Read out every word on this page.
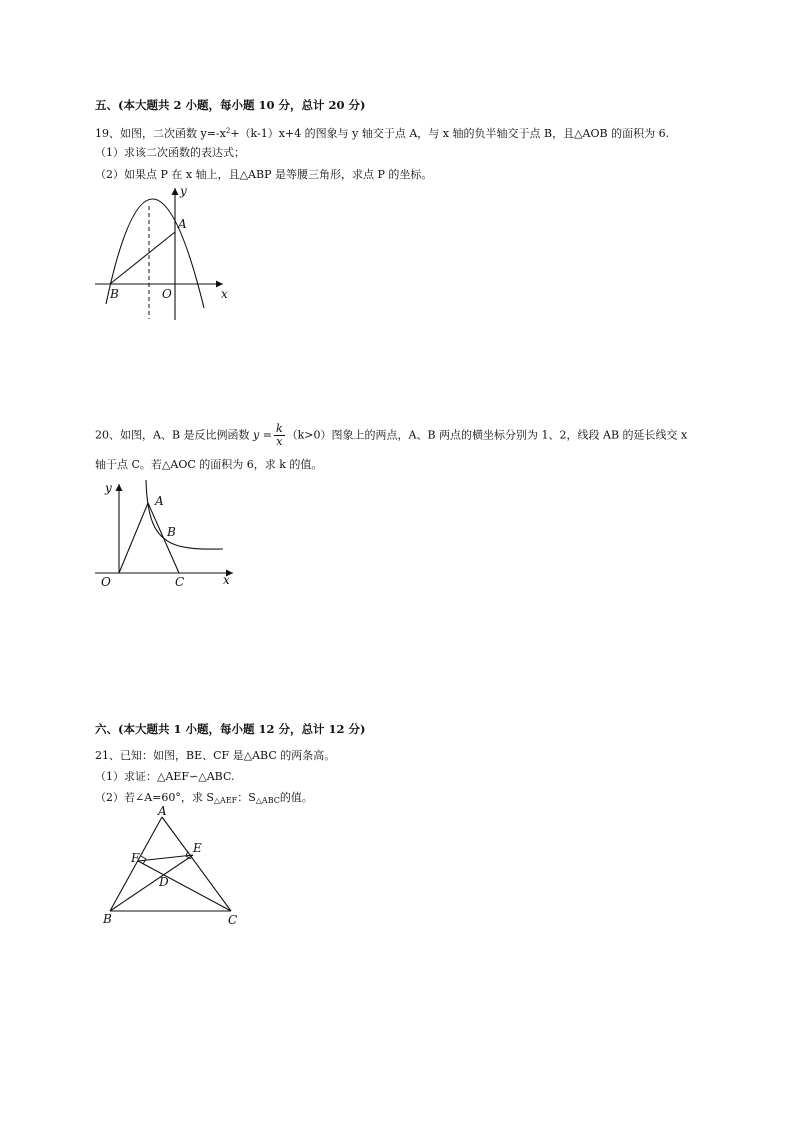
五、(本大题共 2 小题，每小题 10 分，总计 20 分)
19、如图，二次函数 $y=-x^2+(k-1)x+4$ 的图象与 y 轴交于点 A，与 x 轴的负半轴交于点 B，且△AOB 的面积为 6.
（1）求该二次函数的表达式；
（2）如果点 P 在 x 轴上，且△ABP 是等腰三角形，求点 P 的坐标。
y
A
B	O	x
20、如图，A、B 是反比例函数 $y = \frac{k}{x} (k>0)$图象上的两点，A、B 两点的横坐标分别为 1、2，线段 AB 的延长线交 x
轴于点 C。若△AOC 的面积为 6，求 k 的值。
y
A
B
O	C	x
六、(本大题共 1 小题，每小题 12 分，总计 12 分)
21、已知：如图，BE、CF 是△ABC 的两条高。
（1）求证：△AEF∽△ABC.
（2）若∠A=60°，求 $S_{\triangle AEF}$：$S_{\triangle ABC}$的值。
A
E
F
D
B	C
